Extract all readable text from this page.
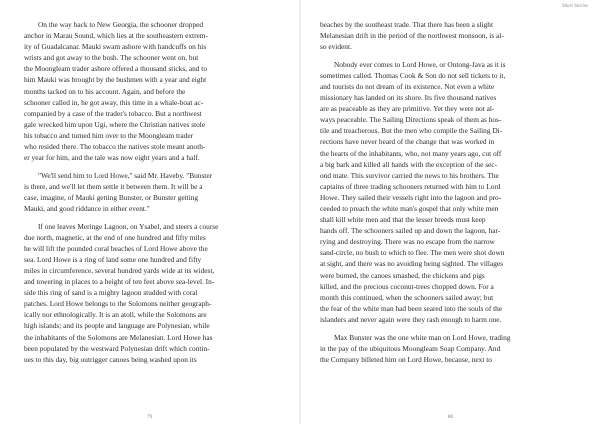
On the way back to New Georgia, the schooner dropped
anchor in Marau Sound, which lies at the southeastern extrem-
ity of Guadalcanar. Mauki swam ashore with handcuffs on his
wrists and got away to the bush. The schooner went on, but
the Moongleam trader ashore offered a thousand sticks, and to
him Mauki was brought by the bushmen with a year and eight
months tacked on to his account. Again, and before the
schooner called in, he got away, this time in a whale-boat ac-
companied by a case of the trader's tobacco. But a northwest
gale wrecked him upon Ugi, where the Christian natives stole
his tobacco and turned him over to the Moongleam trader
who resided there. The tobacco the natives stole meant anoth-
er year for him, and the tale was now eight years and a half.
"We'll send him to Lord Howe," said Mr. Haveby. "Bunster
is there, and we'll let them settle it between them. It will be a
case, imagine, of Mauki getting Bunster, or Bunster getting
Mauki, and good riddance in either event."
If one leaves Meringe Lagoon, on Ysabel, and steers a course
due north, magnetic, at the end of one hundred and fifty miles
he will lift the pounded coral beaches of Lord Howe above the
sea. Lord Howe is a ring of land some one hundred and fifty
miles in circumference, several hundred yards wide at its widest,
and towering in places to a height of ten feet above sea-level. In-
side this ring of sand is a mighty lagoon studded with coral
patches. Lord Howe belongs to the Solomons neither geograph-
ically nor ethnologically. It is an atoll, while the Solomons are
high islands; and its people and language are Polynesian, while
the inhabitants of the Solomons are Melanesian. Lord Howe has
been populated by the westward Polynesian drift which contin-
ues to this day, big outrigger canoes being washed upon its
79
Short Stories
beaches by the southeast trade. That there has been a slight
Melanesian drift in the period of the northwest monsoon, is al-
so evident.
Nobody ever comes to Lord Howe, or Ontong-Java as it is
sometimes called. Thomas Cook & Son do not sell tickets to it,
and tourists do not dream of its existence. Not even a white
missionary has landed on its shore. Its five thousand natives
are as peaceable as they are primitive. Yet they were not al-
ways peaceable. The Sailing Directions speak of them as hos-
tile and treacherous. But the men who compile the Sailing Di-
rections have never heard of the change that was worked in
the hearts of the inhabitants, who, not many years ago, cut off
a big bark and killed all hands with the exception of the sec-
ond mate. This survivor carried the news to his brothers. The
captains of three trading schooners returned with him to Lord
Howe. They sailed their vessels right into the lagoon and pro-
ceeded to preach the white man's gospel that only white men
shall kill white men and that the lesser breeds must keep
hands off. The schooners sailed up and down the lagoon, har-
rying and destroying. There was no escape from the narrow
sand-circle, no bush to which to flee. The men were shot down
at sight, and there was no avoiding being sighted. The villages
were burned, the canoes smashed, the chickens and pigs
killed, and the precious coconut-trees chopped down. For a
month this continued, when the schooners sailed away; but
the fear of the white man had been seared into the souls of the
islanders and never again were they rash enough to harm one.
Max Bunster was the one white man on Lord Howe, trading
in the pay of the ubiquitous Moongleam Soap Company. And
the Company billeted him on Lord Howe, because, next to
80
